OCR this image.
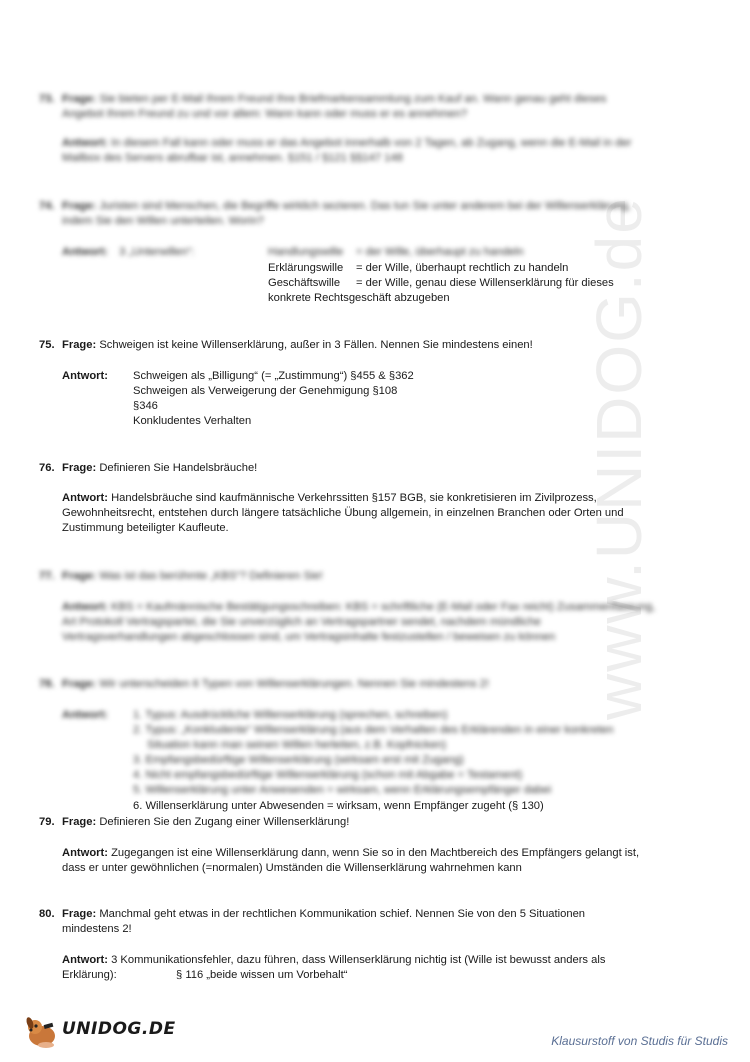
www.UNIDOG.de
73. Frage: Sie bieten per E-Mail Ihrem Freund Ihre Briefmarkensammlung zum Kauf an. Wann genau geht dieses Angebot Ihrem Freund zu und vor allem: Wann kann oder muss er es annehmen?
Antwort: In diesem Fall kann oder muss er das Angebot innerhalb von 2 Tagen, ab Zugang, wenn die E-Mail in der Mailbox des Servers abrufbar ist, annehmen. §151 / §121 §§147 148
74. Frage: Juristen sind Menschen, die Begriffe wirklich sezieren. Das tun Sie unter anderem bei der Willenserklärung, indem Sie den Willen unterteilen. Worin?
Antwort: 3 „Unterwillen“:	Handlungswille = der Wille, überhaupt zu handeln
Erklärungswille = der Wille, überhaupt rechtlich zu handeln
Geschäftswille = der Wille, genau diese Willenserklärung für dieses
konkrete Rechtsgeschäft abzugeben
75. Frage: Schweigen ist keine Willenserklärung, außer in 3 Fällen. Nennen Sie mindestens einen!
Antwort: Schweigen als „Billigung“ (= „Zustimmung“) §455 & §362
Schweigen als Verweigerung der Genehmigung §108
§346
Konkludentes Verhalten
76. Frage: Definieren Sie Handelsbräuche!
Antwort: Handelsbräuche sind kaufmännische Verkehrssitten §157 BGB, sie konkretisieren im Zivilprozess,
Gewohnheitsrecht, entstehen durch längere tatsächliche Übung allgemein, in einzelnen Branchen oder Orten und
Zustimmung beteiligter Kaufleute.
77. Frage: Was ist das berühmte „KBS“? Definieren Sie!
Antwort: KBS = Kaufmännische Bestätigungsschreiben: KBS = schriftliche (E-Mail oder Fax reicht) Zusammenfassung,
Art Protokoll Vertragspartei, die Sie unverzüglich an Vertragspartner sendet, nachdem mündliche
Vertragsverhandlungen abgeschlossen sind, um Vertragsinhalte festzustellen / beweisen zu können
78. Frage: Wir unterscheiden 6 Typen von Willenserklärungen. Nennen Sie mindestens 2!
Antwort: 1. Typus: Ausdrückliche Willenserklärung (sprechen, schreiben)
2. Typus: „Konkludente“ Willenserklärung (aus dem Verhalten des Erklärenden in einer konkreten
Situation kann man seinen Willen herleiten, z.B. Kopfnicken)
3. Empfangsbedürftige Willenserklärung (wirksam erst mit Zugang)
4. Nicht empfangsbedürftige Willenserklärung (schon mit Abgabe = Testament)
5. Willenserklärung unter Anwesenden = wirksam, wenn Erklärungsempfänger dabei
6. Willenserklärung unter Abwesenden = wirksam, wenn Empfänger zugeht (§ 130)
79. Frage: Definieren Sie den Zugang einer Willenserklärung!
Antwort: Zugegangen ist eine Willenserklärung dann, wenn Sie so in den Machtbereich des Empfängers gelangt ist,
dass er unter gewöhnlichen (=normalen) Umständen die Willenserklärung wahrnehmen kann
80. Frage: Manchmal geht etwas in der rechtlichen Kommunikation schief. Nennen Sie von den 5 Situationen
mindestens 2!
Antwort: 3 Kommunikationsfehler, dazu führen, dass Willenserklärung nichtig ist (Wille ist bewusst anders als
Erklärung):	§ 116 „beide wissen um Vorbehalt“
UNIDOG.DE
Klausurstoff von Studis für Studis
